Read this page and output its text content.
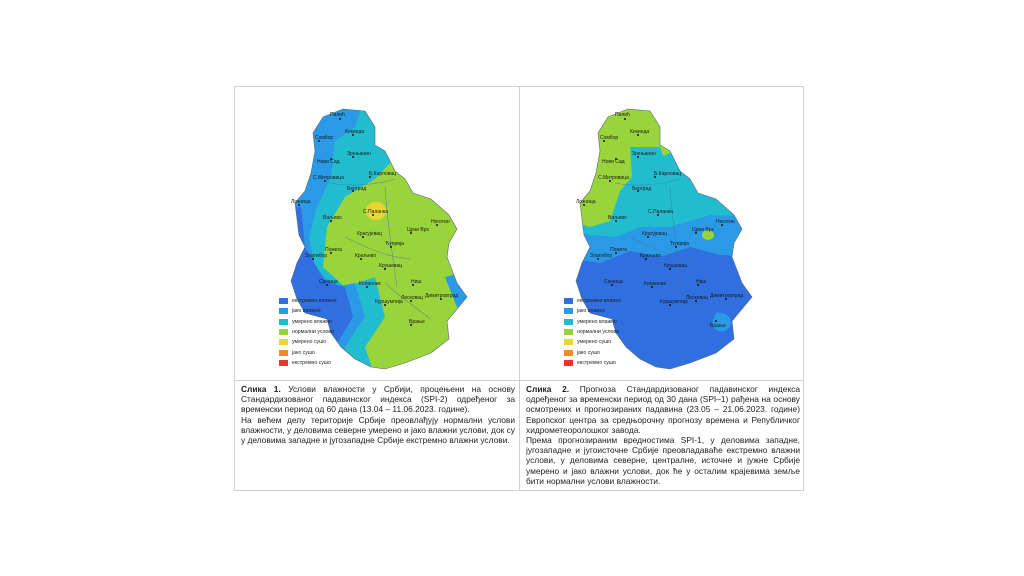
Палић
Кикинда
Сомбор
Нови Сад
Зрењанин
С.Митровица
Б.Карловац
Београд
Лозница
Ваљево
С.Паланка
Неготин
Црни Врх
Крагујевац
Ћуприја
Пожега
Златибор	Краљево
Крушевац
Ниш
Димитровград
Сјеница	Копаоник
Лесковац
Куршумлија
Врање
екстремно влажно
јако влажно
умерено влажно
нормални услови
умерено сушо
јако сушо
екстремно сушо
Палић
Кикинда
Сомбор
Нови Сад
Зрењанин
С.Митровица
Б.Карловац
Београд
Лозница
Ваљево
С.Паланка
Неготин
Црни Врх
Крагујевац
Ћуприја
Пожега
Златибор	Краљево
Крушевац
Ниш
Димитровград
Сјеница	Копаоник
Лесковац
Куршумлија
Врање
екстремно влажно
јако влажно
умерено влажно
нормални услови
умерено сушо
јако сушо
екстремно сушо
Слика 1. Услови влажности у Србији, процењени на основу Стандардизованог падавинског индекса (SPI-2) одређеног за временски период од 60 дана (13.04 – 11.06.2023. године).
На већем делу територије Србије преовлађују нормални услови влажности, у деловима северне умерено и јако влажни услови, док су у деловима западне и југозападне Србије екстремно влажни услови.
Слика 2. Прогноза Стандардизованог падавинског индекса одређеног за временски период од 30 дана (SPI–1) рађена на основу осмотрених и прогнозираних падавина (23.05 – 21.06.2023. године) Европског центра за средњорочну прогнозу времена и Републичког хидрометеоролошког завода.
Према прогнозираним вредностима SPI-1, у деловима западне, југозападне и југоисточне Србије преовладаваће екстремно влажни услови, у деловима северне, централне, источне и јужне Србије умерено и јако влажни услови, док ће у осталим крајевима земље бити нормални услови влажности.
